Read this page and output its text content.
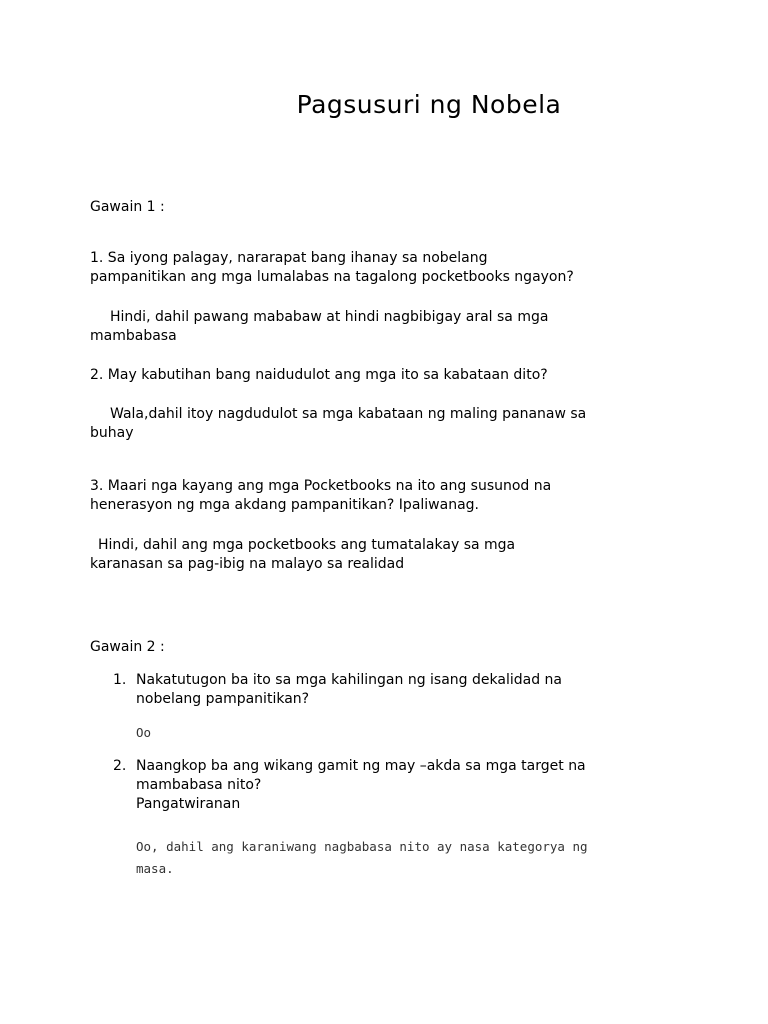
Pagsusuri ng Nobela
Gawain 1 :
1. Sa iyong palagay, nararapat bang ihanay sa nobelang
pampanitikan ang mga lumalabas na tagalong pocketbooks ngayon?
Hindi, dahil pawang mababaw at hindi nagbibigay aral sa mga
mambabasa
2. May kabutihan bang naidudulot ang mga ito sa kabataan dito?
Wala,dahil itoy nagdudulot sa mga kabataan ng maling pananaw sa
buhay
3. Maari nga kayang ang mga Pocketbooks na ito ang susunod na
henerasyon ng mga akdang pampanitikan? Ipaliwanag.
Hindi, dahil ang mga pocketbooks ang tumatalakay sa mga
karanasan sa pag-ibig na malayo sa realidad
Gawain 2 :
1. Nakatutugon ba ito sa mga kahilingan ng isang dekalidad na
nobelang pampanitikan?
Oo
2. Naangkop ba ang wikang gamit ng may –akda sa mga target na
mambabasa nito?
Pangatwiranan
Oo, dahil ang karaniwang nagbabasa nito ay nasa kategorya ng
masa.
